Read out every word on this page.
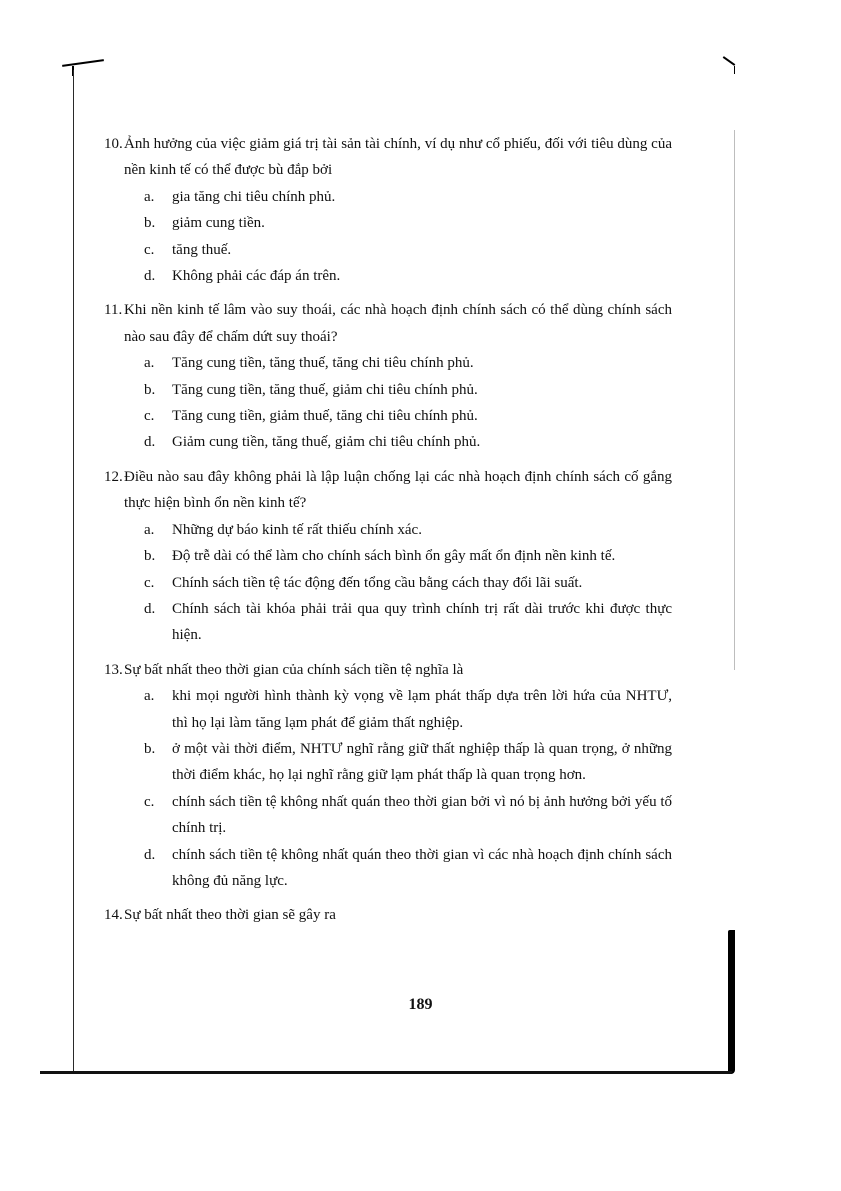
10. Ảnh hưởng của việc giảm giá trị tài sản tài chính, ví dụ như cổ phiếu, đối với tiêu dùng của nền kinh tế có thể được bù đắp bởi
a. gia tăng chi tiêu chính phủ.
b. giảm cung tiền.
c. tăng thuế.
d. Không phải các đáp án trên.
11. Khi nền kinh tế lâm vào suy thoái, các nhà hoạch định chính sách có thể dùng chính sách nào sau đây để chấm dứt suy thoái?
a. Tăng cung tiền, tăng thuế, tăng chi tiêu chính phủ.
b. Tăng cung tiền, tăng thuế, giảm chi tiêu chính phủ.
c. Tăng cung tiền, giảm thuế, tăng chi tiêu chính phủ.
d. Giảm cung tiền, tăng thuế, giảm chi tiêu chính phủ.
12. Điều nào sau đây không phải là lập luận chống lại các nhà hoạch định chính sách cố gắng thực hiện bình ổn nền kinh tế?
a. Những dự báo kinh tế rất thiếu chính xác.
b. Độ trễ dài có thể làm cho chính sách bình ổn gây mất ổn định nền kinh tế.
c. Chính sách tiền tệ tác động đến tổng cầu bằng cách thay đổi lãi suất.
d. Chính sách tài khóa phải trải qua quy trình chính trị rất dài trước khi được thực hiện.
13. Sự bất nhất theo thời gian của chính sách tiền tệ nghĩa là
a. khi mọi người hình thành kỳ vọng về lạm phát thấp dựa trên lời hứa của NHTƯ, thì họ lại làm tăng lạm phát để giảm thất nghiệp.
b. ở một vài thời điểm, NHTƯ nghĩ rằng giữ thất nghiệp thấp là quan trọng, ở những thời điểm khác, họ lại nghĩ rằng giữ lạm phát thấp là quan trọng hơn.
c. chính sách tiền tệ không nhất quán theo thời gian bởi vì nó bị ảnh hưởng bởi yếu tố chính trị.
d. chính sách tiền tệ không nhất quán theo thời gian vì các nhà hoạch định chính sách không đủ năng lực.
14. Sự bất nhất theo thời gian sẽ gây ra
189
